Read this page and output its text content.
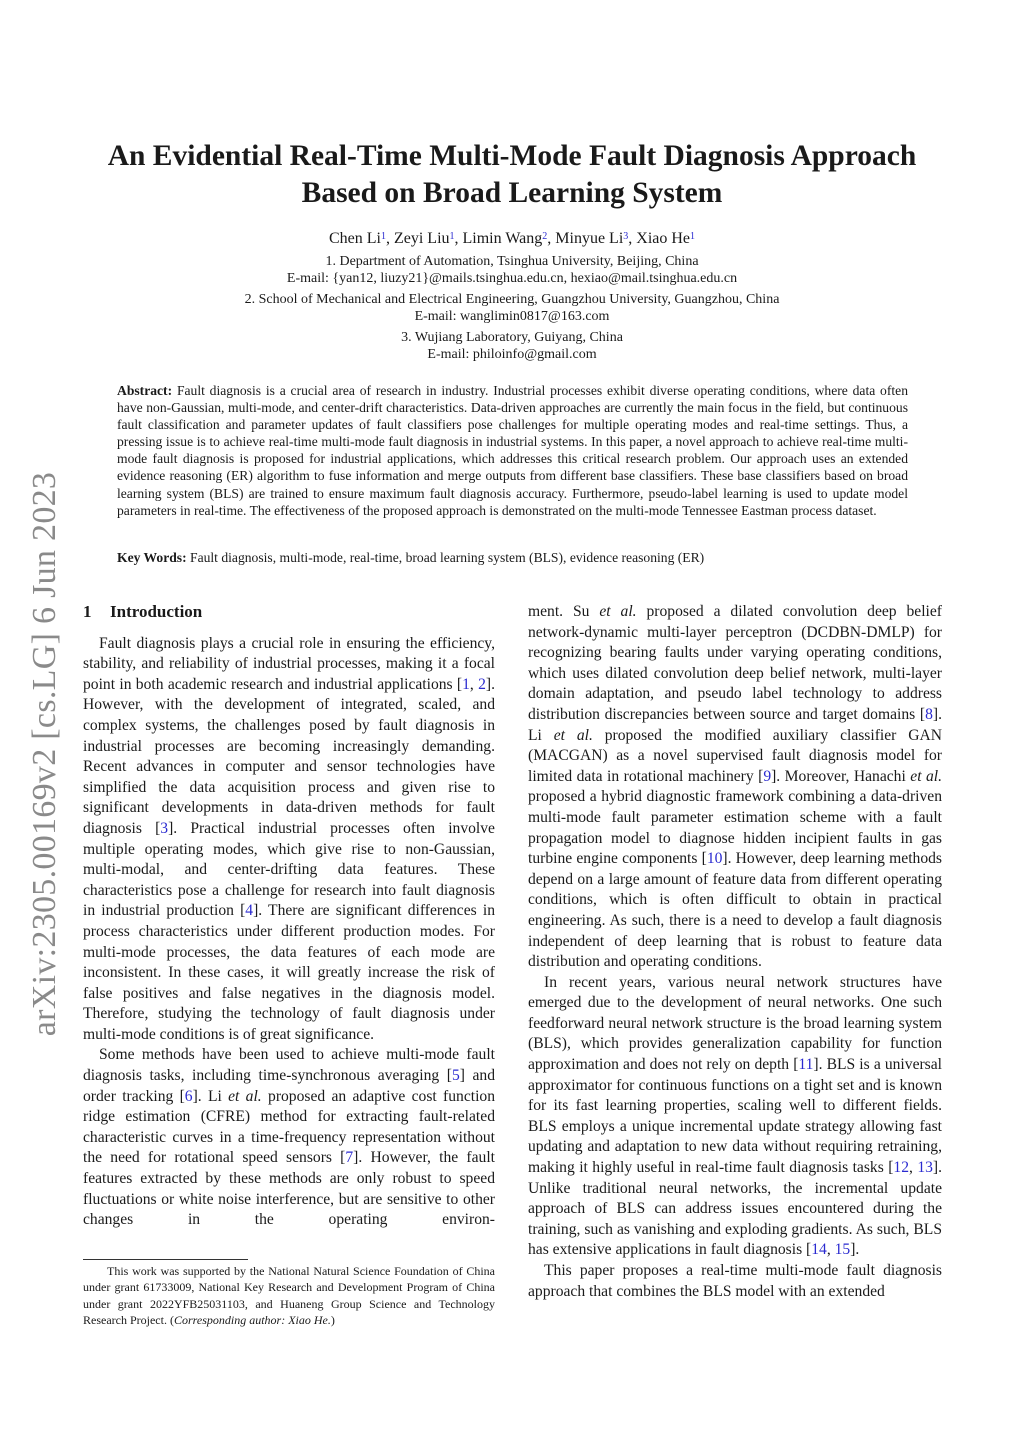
arXiv:2305.00169v2 [cs.LG] 6 Jun 2023
An Evidential Real-Time Multi-Mode Fault Diagnosis Approach
Based on Broad Learning System
Chen Li$^1$, Zeyi Liu$^1$, Limin Wang$^2$, Minyue Li$^3$, Xiao He$^1$
1. Department of Automation, Tsinghua University, Beijing, China
E-mail: {yan12, liuzy21}@mails.tsinghua.edu.cn, hexiao@mail.tsinghua.edu.cn
2. School of Mechanical and Electrical Engineering, Guangzhou University, Guangzhou, China
E-mail: wanglimin0817@163.com
3. Wujiang Laboratory, Guiyang, China
E-mail: philoinfo@gmail.com
Abstract: Fault diagnosis is a crucial area of research in industry. Industrial processes exhibit diverse operating conditions, where data often have non-Gaussian, multi-mode, and center-drift characteristics. Data-driven approaches are currently the main focus in the field, but continuous fault classification and parameter updates of fault classifiers pose challenges for multiple operating modes and real-time settings. Thus, a pressing issue is to achieve real-time multi-mode fault diagnosis in industrial systems. In this paper, a novel approach to achieve real-time multi-mode fault diagnosis is proposed for industrial applications, which addresses this critical research problem. Our approach uses an extended evidence reasoning (ER) algorithm to fuse information and merge outputs from different base classifiers. These base classifiers based on broad learning system (BLS) are trained to ensure maximum fault diagnosis accuracy. Furthermore, pseudo-label learning is used to update model parameters in real-time. The effectiveness of the proposed approach is demonstrated on the multi-mode Tennessee Eastman process dataset.
Key Words: Fault diagnosis, multi-mode, real-time, broad learning system (BLS), evidence reasoning (ER)
1 Introduction

Fault diagnosis plays a crucial role in ensuring the efficiency, stability, and reliability of industrial processes, making it a focal point in both academic research and industrial applications [1, 2]. However, with the development of integrated, scaled, and complex systems, the challenges posed by fault diagnosis in industrial processes are becoming increasingly demanding. Recent advances in computer and sensor technologies have simplified the data acquisition process and given rise to significant developments in data-driven methods for fault diagnosis [3]. Practical industrial processes often involve multiple operating modes, which give rise to non-Gaussian, multi-modal, and center-drifting data features. These characteristics pose a challenge for research into fault diagnosis in industrial production [4]. There are significant differences in process characteristics under different production modes. For multi-mode processes, the data features of each mode are inconsistent. In these cases, it will greatly increase the risk of false positives and false negatives in the diagnosis model. Therefore, studying the technology of fault diagnosis under multi-mode conditions is of great significance.

Some methods have been used to achieve multi-mode fault diagnosis tasks, including time-synchronous averaging [5] and order tracking [6]. Li et al. proposed an adaptive cost function ridge estimation (CFRE) method for extracting fault-related characteristic curves in a time-frequency representation without the need for rotational speed sensors [7]. However, the fault features extracted by these methods are only robust to speed fluctuations or white noise interference, but are sensitive to other changes in the operating environ-

ment. Su et al. proposed a dilated convolution deep belief network-dynamic multi-layer perceptron (DCDBN-DMLP) for recognizing bearing faults under varying operating conditions, which uses dilated convolution deep belief network, multi-layer domain adaptation, and pseudo label technology to address distribution discrepancies between source and target domains [8]. Li et al. proposed the modified auxiliary classifier GAN (MACGAN) as a novel supervised fault diagnosis model for limited data in rotational machinery [9]. Moreover, Hanachi et al. proposed a hybrid diagnostic framework combining a data-driven multi-mode fault parameter estimation scheme with a fault propagation model to diagnose hidden incipient faults in gas turbine engine components [10]. However, deep learning methods depend on a large amount of feature data from different operating conditions, which is often difficult to obtain in practical engineering. As such, there is a need to develop a fault diagnosis independent of deep learning that is robust to feature data distribution and operating conditions.

In recent years, various neural network structures have emerged due to the development of neural networks. One such feedforward neural network structure is the broad learning system (BLS), which provides generalization capability for function approximation and does not rely on depth [11]. BLS is a universal approximator for continuous functions on a tight set and is known for its fast learning properties, scaling well to different fields. BLS employs a unique incremental update strategy allowing fast updating and adaptation to new data without requiring retraining, making it highly useful in real-time fault diagnosis tasks [12, 13]. Unlike traditional neural networks, the incremental update approach of BLS can address issues encountered during the training, such as vanishing and exploding gradients. As such, BLS has extensive applications in fault diagnosis [14, 15].

This paper proposes a real-time multi-mode fault diagnosis approach that combines the BLS model with an extended

This work was supported by the National Natural Science Foundation of China under grant 61733009, National Key Research and Development Program of China under grant 2022YFB25031103, and Huaneng Group Science and Technology Research Project. (Corresponding author: Xiao He.)
